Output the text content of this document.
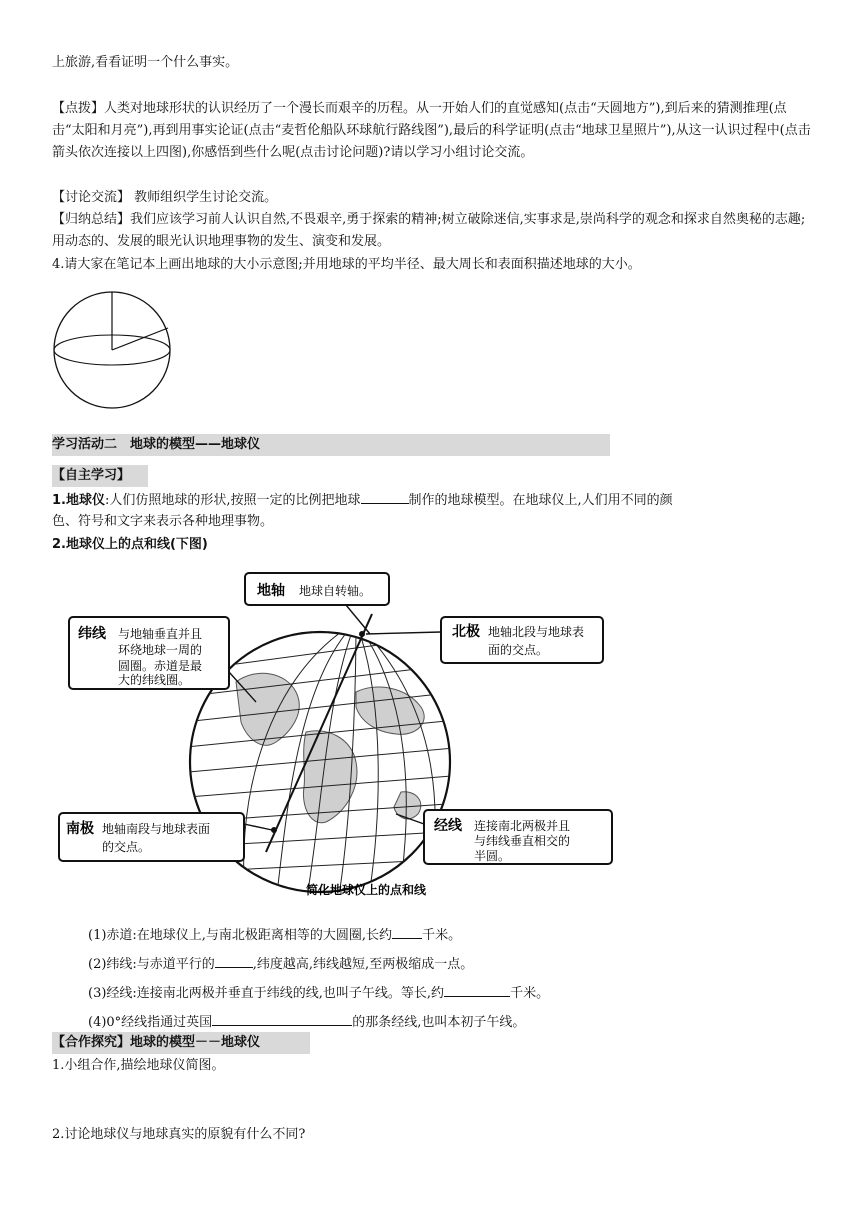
上旅游,看看证明一个什么事实。
【点拨】人类对地球形状的认识经历了一个漫长而艰辛的历程。从一开始人们的直觉感知(点击“天圆地方”),到后来的猜测推理(点击“太阳和月亮”),再到用事实论证(点击“麦哲伦船队环球航行路线图”),最后的科学证明(点击“地球卫星照片”),从这一认识过程中(点击箭头依次连接以上四图),你感悟到些什么呢(点击讨论问题)?请以学习小组讨论交流。
【讨论交流】 教师组织学生讨论交流。
【归纳总结】我们应该学习前人认识自然,不畏艰辛,勇于探索的精神;树立破除迷信,实事求是,崇尚科学的观念和探求自然奥秘的志趣;用动态的、发展的眼光认识地理事物的发生、演变和发展。
4.请大家在笔记本上画出地球的大小示意图;并用地球的平均半径、最大周长和表面积描述地球的大小。
学习活动二　地球的模型——地球仪
【自主学习】
1.地球仪:人们仿照地球的形状,按照一定的比例把地球	制作的地球模型。在地球仪上,人们用不同的颜
色、符号和文字来表示各种地理事物。
2.地球仪上的点和线(下图)
地轴 地球自转轴。
北极 地轴北段与地球表
面的交点。
纬线 与地轴垂直并且
环绕地球一周的
圆圈。赤道是最
大的纬线圈。
南极 地轴南段与地球表面
的交点。
经线 连接南北两极并且
与纬线垂直相交的
半圆。
简化地球仪上的点和线
(1)赤道:在地球仪上,与南北极距离相等的大圆圈,长约 千米。
(2)纬线:与赤道平行的	,纬度越高,纬线越短,至两极缩成一点。
(3)经线:连接南北两极并垂直于纬线的线,也叫子午线。等长,约	千米。
(4)0°经线指通过英国	的那条经线,也叫本初子午线。
【合作探究】地球的模型－－地球仪
1.小组合作,描绘地球仪简图。
2.讨论地球仪与地球真实的原貌有什么不同?
